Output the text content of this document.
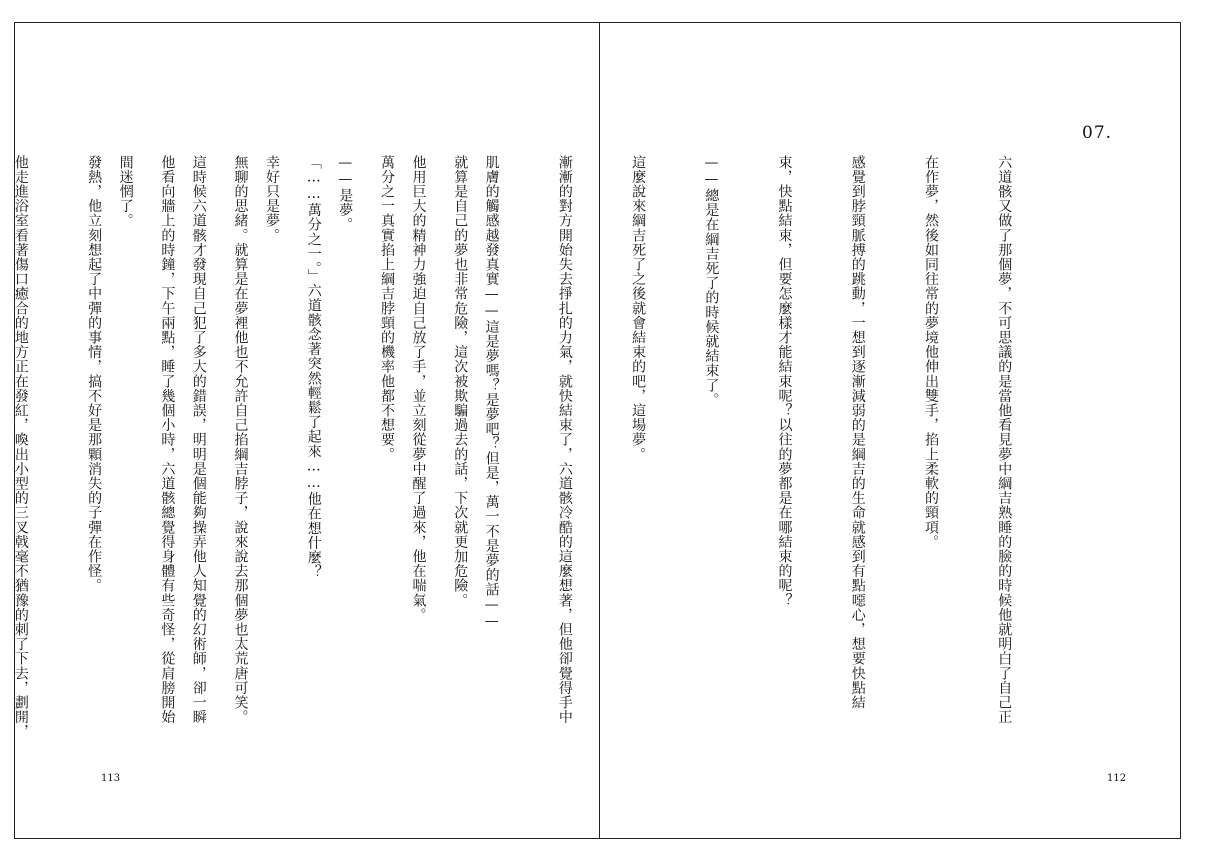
就算是自己的夢也非常危險，這次被欺騙過去的話，下次就更加危險。

萬分之一真實掐上綱吉脖頸的機率他都不想要。

「……萬分之一。」六道骸念著突然輕鬆了起來……他在想什麼？

無聊的思緒。就算是在夢裡他也不允許自己掐綱吉脖子，說來說去那個夢也太荒唐可笑。

他看向牆上的時鐘，下午兩點，睡了幾個小時，六道骸總覺得身體有些奇怪，從肩膀開始

發熱，他立刻想起了中彈的事情，搞不好是那顆消失的子彈在作怪。

他走進浴室看著傷口癒合的地方正在發紅，喚出小型的三叉戟毫不猶豫的刺了下去，劃開，

113
07.

六道骸又做了那個夢，不可思議的是當他看見夢中綱吉熟睡的臉的時候他就明白了自己正

在作夢，然後如同往常的夢境他伸出雙手，掐上柔軟的頸項。

感覺到脖頸脈搏的跳動，一想到逐漸減弱的是綱吉的生命就感到有點噁心，想要快點結

束，快點結束，但要怎麼樣才能結束呢？以往的夢都是在哪結束的呢？

——總是在綱吉死了的時候就結束了。

這麼說來綱吉死了之後就會結束的吧，這場夢。

漸漸的對方開始失去掙扎的力氣，就快結束了，六道骸冷酷的這麼想著，但他卻覺得手中

肌膚的觸感越發真實——這是夢嗎？是夢吧？但是，萬一不是夢的話——

他用巨大的精神力強迫自己放了手，並立刻從夢中醒了過來，他在喘氣。

——是夢。

幸好只是夢。

這時候六道骸才發現自己犯了多大的錯誤，明明是個能夠操弄他人知覺的幻術師，卻一瞬

間迷惘了。

112
